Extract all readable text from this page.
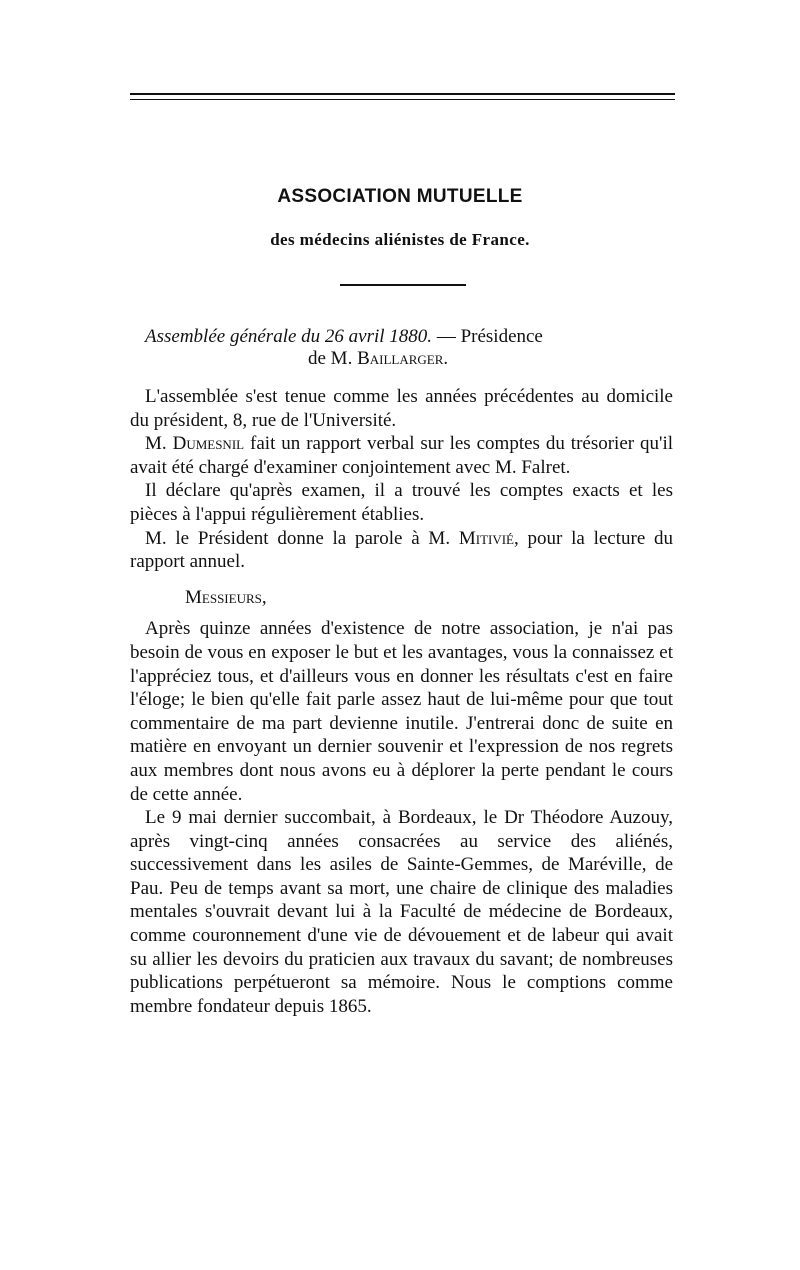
ASSOCIATION MUTUELLE
des médecins aliénistes de France.
Assemblée générale du 26 avril 1880. — Présidence
de M. Baillarger.

L'assemblée s'est tenue comme les années précédentes au domicile du président, 8, rue de l'Université.

M. Dumesnil fait un rapport verbal sur les comptes du trésorier qu'il avait été chargé d'examiner conjointement avec M. Falret.

Il déclare qu'après examen, il a trouvé les comptes exacts et les pièces à l'appui régulièrement établies.

M. le Président donne la parole à M. Mitivié, pour la lecture du rapport annuel.

Messieurs,

Après quinze années d'existence de notre association, je n'ai pas besoin de vous en exposer le but et les avantages, vous la connaissez et l'appréciez tous, et d'ailleurs vous en donner les résultats c'est en faire l'éloge; le bien qu'elle fait parle assez haut de lui-même pour que tout commentaire de ma part devienne inutile. J'entrerai donc de suite en matière en envoyant un dernier souvenir et l'expression de nos regrets aux membres dont nous avons eu à déplorer la perte pendant le cours de cette année.

Le 9 mai dernier succombait, à Bordeaux, le Dr Théodore Auzouy, après vingt-cinq années consacrées au service des aliénés, successivement dans les asiles de Sainte-Gemmes, de Maréville, de Pau. Peu de temps avant sa mort, une chaire de clinique des maladies mentales s'ouvrait devant lui à la Faculté de médecine de Bordeaux, comme couronnement d'une vie de dévouement et de labeur qui avait su allier les devoirs du praticien aux travaux du savant; de nombreuses publications perpétueront sa mémoire. Nous le comptions comme membre fondateur depuis 1865.
